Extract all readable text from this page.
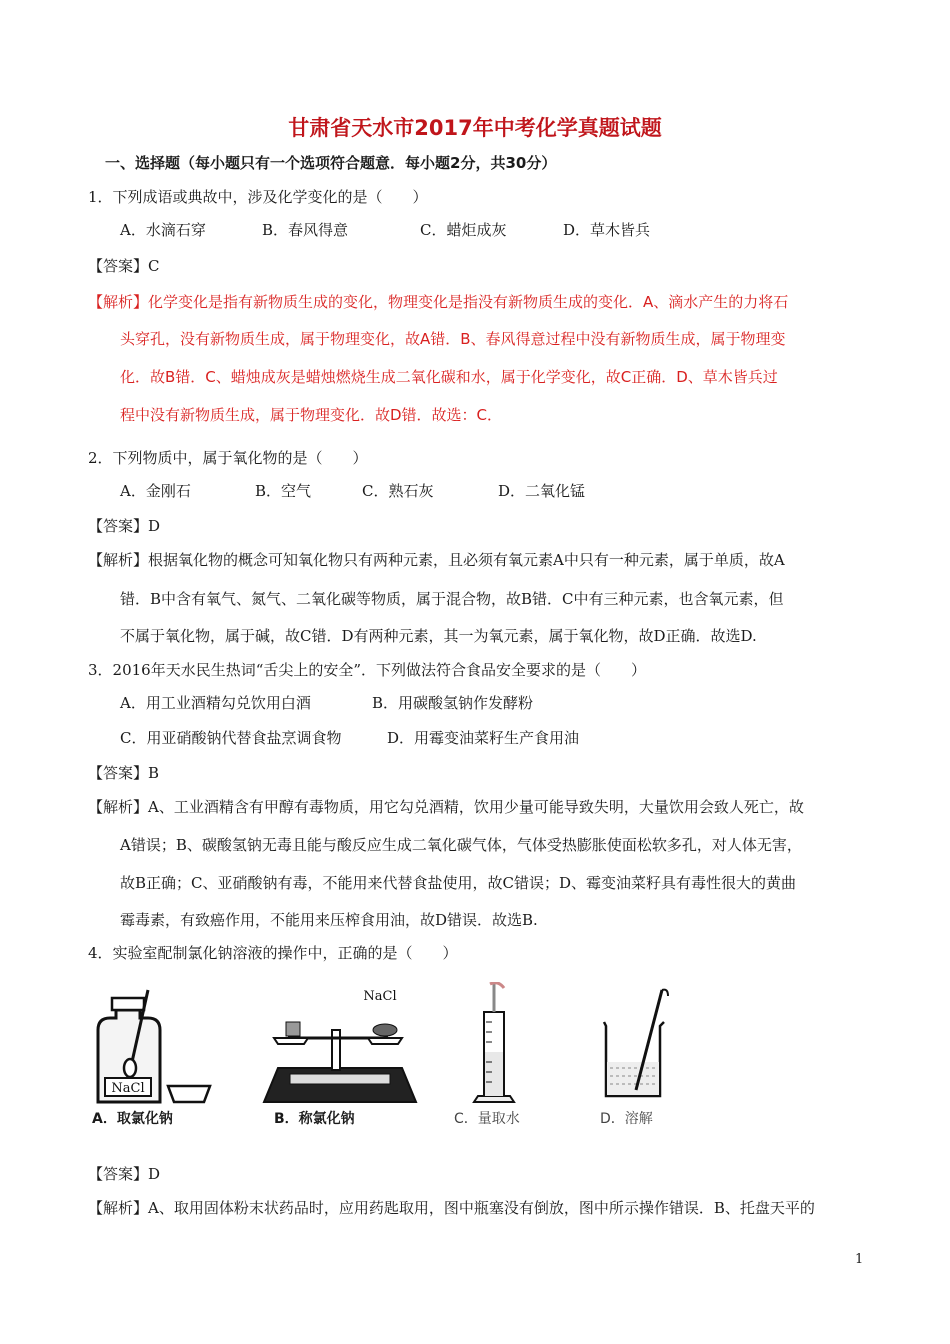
甘肃省天水市2017年中考化学真题试题
一、选择题（每小题只有一个选项符合题意．每小题2分，共30分）
1．下列成语或典故中，涉及化学变化的是（　　）
A．水滴石穿	B．春风得意	C．蜡炬成灰	D．草木皆兵
【答案】C
【解析】化学变化是指有新物质生成的变化，物理变化是指没有新物质生成的变化．A、滴水产生的力将石
头穿孔，没有新物质生成，属于物理变化，故A错．B、春风得意过程中没有新物质生成，属于物理变
化．故B错．C、蜡烛成灰是蜡烛燃烧生成二氧化碳和水，属于化学变化，故C正确．D、草木皆兵过
程中没有新物质生成，属于物理变化．故D错．故选：C．
2．下列物质中，属于氧化物的是（　　）
A．金刚石	B．空气	C．熟石灰	D．二氧化锰
【答案】D
【解析】根据氧化物的概念可知氧化物只有两种元素，且必须有氧元素A中只有一种元素，属于单质，故A
错．B中含有氧气、氮气、二氧化碳等物质，属于混合物，故B错．C中有三种元素，也含氧元素，但
不属于氧化物，属于碱，故C错．D有两种元素，其一为氧元素，属于氧化物，故D正确．故选D.
3．2016年天水民生热词“舌尖上的安全”．下列做法符合食品安全要求的是（　　）
A．用工业酒精勾兑饮用白酒	B．用碳酸氢钠作发酵粉
C．用亚硝酸钠代替食盐烹调食物	D．用霉变油菜籽生产食用油
【答案】B
【解析】A、工业酒精含有甲醇有毒物质，用它勾兑酒精，饮用少量可能导致失明，大量饮用会致人死亡，故
A错误；B、碳酸氢钠无毒且能与酸反应生成二氧化碳气体，气体受热膨胀使面松软多孔，对人体无害，
故B正确；C、亚硝酸钠有毒，不能用来代替食盐使用，故C错误；D、霉变油菜籽具有毒性很大的黄曲
霉毒素，有致癌作用，不能用来压榨食用油，故D错误．故选B.
4．实验室配制氯化钠溶液的操作中，正确的是（　　）
NaCl
A．取氯化钠
NaCl
B．称氯化钠	C．量取水	D．溶解
【答案】D
【解析】A、取用固体粉末状药品时，应用药匙取用，图中瓶塞没有倒放，图中所示操作错误．B、托盘天平的
1
